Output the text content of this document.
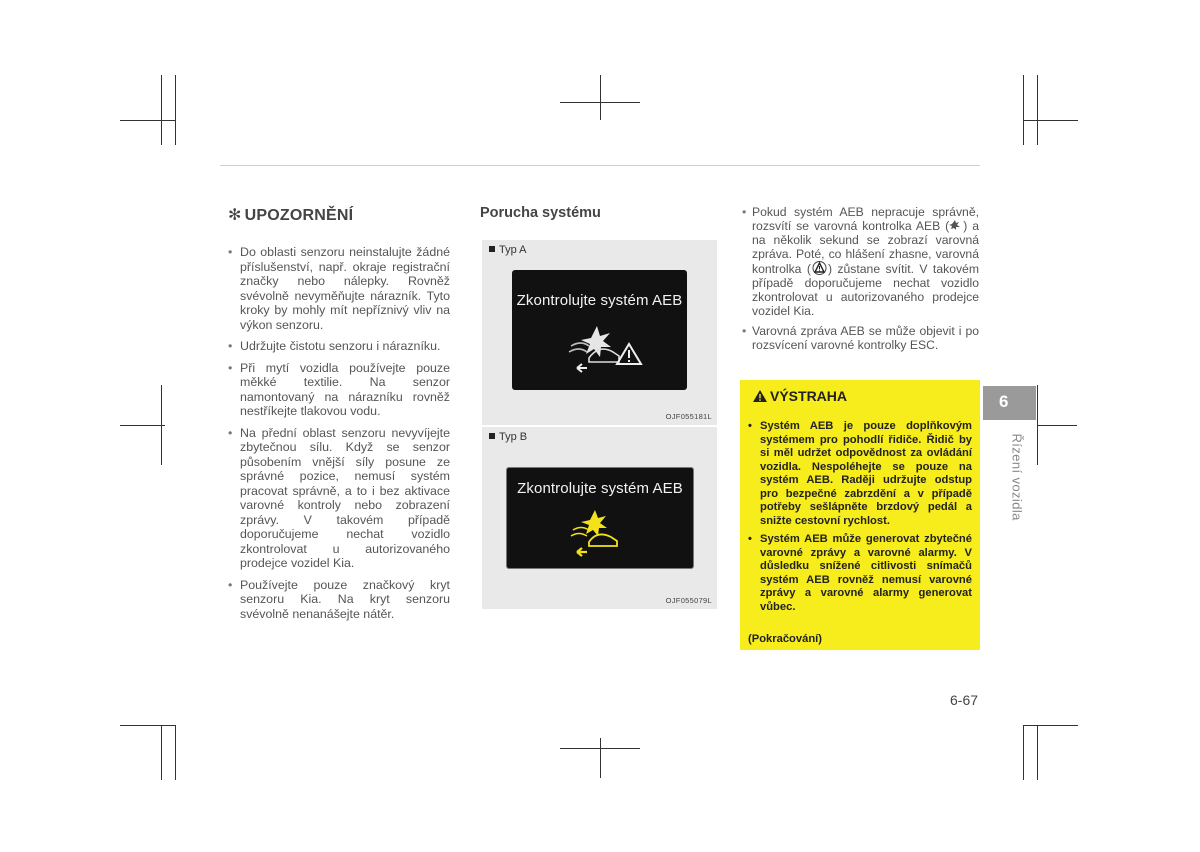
✻ UPOZORNĚNÍ
• Do oblasti senzoru neinstalujte žádné příslušenství, např. okraje registrační značky nebo nálepky. Rovněž svévolně nevyměňujte nárazník. Tyto kroky by mohly mít nepříznivý vliv na výkon senzoru.
• Udržujte čistotu senzoru i nárazníku.
• Při mytí vozidla používejte pouze měkké textilie. Na senzor namontovaný na nárazníku rovněž nestříkejte tlakovou vodu.
• Na přední oblast senzoru nevyvíjejte zbytečnou sílu. Když se senzor působením vnější síly posune ze správné pozice, nemusí systém pracovat správně, a to i bez aktivace varovné kontroly nebo zobrazení zprávy. V takovém případě doporučujeme nechat vozidlo zkontrolovat u autorizovaného prodejce vozidel Kia.
• Používejte pouze značkový kryt senzoru Kia. Na kryt senzoru svévolně nenanášejte nátěr.
Porucha systému
Typ A
Zkontrolujte systém AEB
OJF055181L
Typ B
Zkontrolujte systém AEB
OJF055079L
• Pokud systém AEB nepracuje správně, rozsvítí se varovná kontrolka AEB ( ) a na několik sekund se zobrazí varovná zpráva. Poté, co hlášení zhasne, varovná kontrolka ( ) zůstane svítit. V takovém případě doporučujeme nechat vozidlo zkontrolovat u autorizovaného prodejce vozidel Kia.
• Varovná zpráva AEB se může objevit i po rozsvícení varovné kontrolky ESC.
VÝSTRAHA
• Systém AEB je pouze doplňkovým systémem pro pohodlí řidiče. Řidič by si měl udržet odpovědnost za ovládání vozidla. Nespoléhejte se pouze na systém AEB. Raději udržujte odstup pro bezpečné zabrzdění a v případě potřeby sešlápněte brzdový pedál a snižte cestovní rychlost.
• Systém AEB může generovat zbytečné varovné zprávy a varovné alarmy. V důsledku snížené citlivosti snímačů systém AEB rovněž nemusí varovné zprávy a varovné alarmy generovat vůbec.
(Pokračování)
6
Řízení vozidla
6-67
